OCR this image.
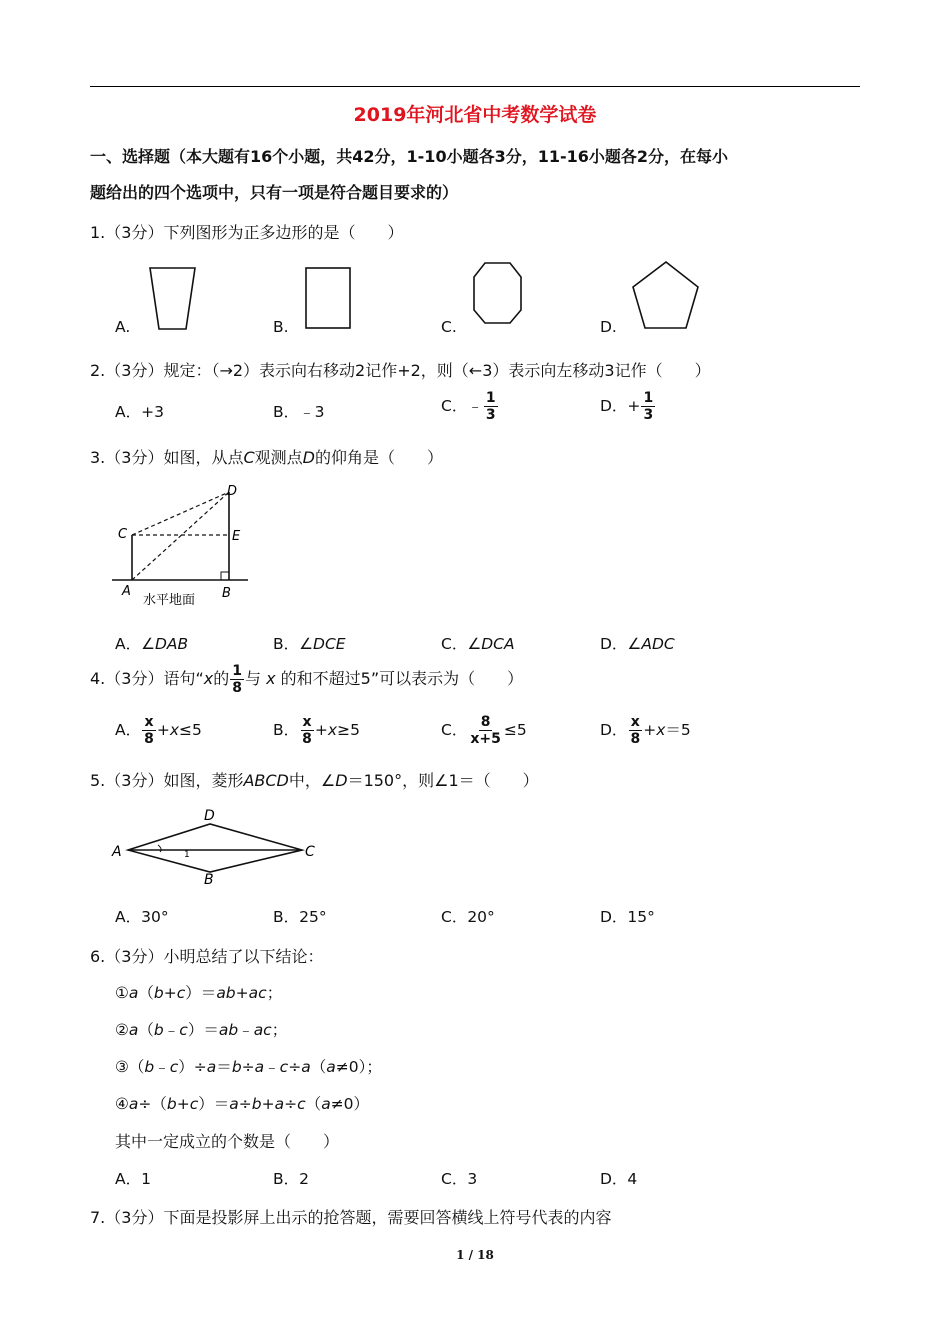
2019年河北省中考数学试卷
一、选择题（本大题有16个小题，共42分，1-10小题各3分，11-16小题各2分，在每小
题给出的四个选项中，只有一项是符合题目要求的）
1.（3分）下列图形为正多边形的是（　　）
A.	B.	C.	D.
2.（3分）规定：（→2）表示向右移动2记作+2，则（←3）表示向左移动3记作（　　）
A．+3	B．﹣3	C．﹣ $\frac{1}{3}$	D．+ $\frac{1}{3}$
3.（3分）如图，从点C观测点D的仰角是（　　）
C
D
E
A	B
水平地面
A．∠DAB	B．∠DCE	C．∠DCA	D．∠ADC
4.（3分）语句“x的 $\frac{1}{8}$ 与 x 的和不超过5”可以表示为（　　）
A． $\frac{x}{8} +x\le 5$	B． $\frac{x}{8} +x\ge 5$	C． $\frac{8}{x+5} \le 5$	D． $\frac{x}{8} +x=5$
5.（3分）如图，菱形ABCD中，∠D＝150°，则∠1＝（　　）
A
D
C
B
1
A．30°	B．25°	C．20°	D．15°
6.（3分）小明总结了以下结论：
①a（b+c）＝ab+ac；
②a（b﹣c）＝ab﹣ac；
③（b﹣c）÷a＝b÷a﹣c÷a（a≠0）；
④a÷（b+c）＝a÷b+a÷c（a≠0）
其中一定成立的个数是（　　）
A．1	B．2	C．3	D．4
7.（3分）下面是投影屏上出示的抢答题，需要回答横线上符号代表的内容
1 / 18
